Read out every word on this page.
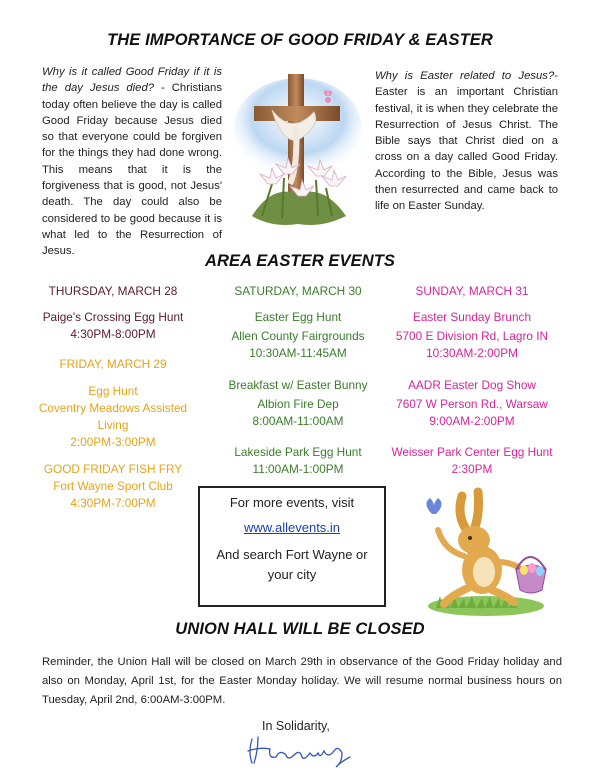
THE IMPORTANCE OF GOOD FRIDAY & EASTER
Why is it called Good Friday if it is the day Jesus died? - Christians today often believe the day is called Good Friday because Jesus died so that everyone could be forgiven for the things they had done wrong. This means that it is the forgiveness that is good, not Jesus' death. The day could also be considered to be good because it is what led to the Resurrection of Jesus.
Why is Easter related to Jesus?- Easter is an important Christian festival, it is when they celebrate the Resurrection of Jesus Christ. The Bible says that Christ died on a cross on a day called Good Friday. According to the Bible, Jesus was then resurrected and came back to life on Easter Sunday.
AREA EASTER EVENTS
THURSDAY, MARCH 28
Paige's Crossing Egg Hunt
4:30PM-8:00PM
FRIDAY, MARCH 29
Egg Hunt
Coventry Meadows Assisted Living
2:00PM-3:00PM
GOOD FRIDAY FISH FRY
Fort Wayne Sport Club
4:30PM-7:00PM
SATURDAY, MARCH 30
Easter Egg Hunt
Allen County Fairgrounds
10:30AM-11:45AM
Breakfast w/ Easter Bunny
Albion Fire Dep
8:00AM-11:00AM
Lakeside Park Egg Hunt
11:00AM-1:00PM
SUNDAY, MARCH 31
Easter Sunday Brunch
5700 E Division Rd, Lagro IN
10:30AM-2:00PM
AADR Easter Dog Show
7607 W Person Rd., Warsaw
9:00AM-2:00PM
Weisser Park Center Egg Hunt
2:30PM
For more events, visit
www.allevents.in
And search Fort Wayne or your city
UNION HALL WILL BE CLOSED
Reminder, the Union Hall will be closed on March 29th in observance of the Good Friday holiday and also on Monday, April 1st, for the Easter Monday holiday. We will resume normal business hours on Tuesday, April 2nd, 6:00AM-3:00PM.
In Solidarity,
